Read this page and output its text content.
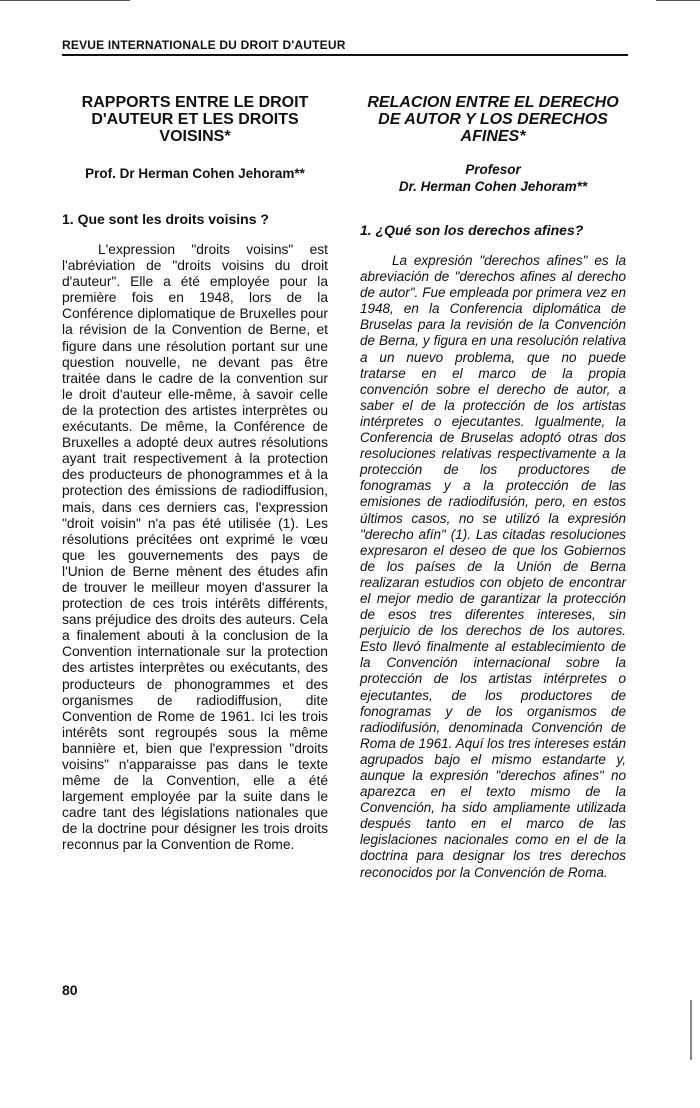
REVUE INTERNATIONALE DU DROIT D'AUTEUR
RAPPORTS ENTRE LE DROIT D'AUTEUR ET LES DROITS VOISINS*

Prof. Dr Herman Cohen Jehoram**

1. Que sont les droits voisins ?

L'expression "droits voisins" est l'abréviation de "droits voisins du droit d'auteur". Elle a été employée pour la première fois en 1948, lors de la Conférence diplomatique de Bruxelles pour la révision de la Convention de Berne, et figure dans une résolution portant sur une question nouvelle, ne devant pas être traitée dans le cadre de la convention sur le droit d'auteur elle-même, à savoir celle de la protection des artistes interprètes ou exécutants. De même, la Conférence de Bruxelles a adopté deux autres résolutions ayant trait respectivement à la protection des producteurs de phonogrammes et à la protection des émissions de radiodiffusion, mais, dans ces derniers cas, l'expression "droit voisin" n'a pas été utilisée (1). Les résolutions précitées ont exprimé le vœu que les gouvernements des pays de l'Union de Berne mènent des études afin de trouver le meilleur moyen d'assurer la protection de ces trois intérêts différents, sans préjudice des droits des auteurs. Cela a finalement abouti à la conclusion de la Convention internationale sur la protection des artistes interprètes ou exécutants, des producteurs de phonogrammes et des organismes de radiodiffusion, dite Convention de Rome de 1961. Ici les trois intérêts sont regroupés sous la même bannière et, bien que l'expression "droits voisins" n'apparaisse pas dans le texte même de la Convention, elle a été largement employée par la suite dans le cadre tant des législations nationales que de la doctrine pour désigner les trois droits reconnus par la Convention de Rome.

RELACION ENTRE EL DERECHO DE AUTOR Y LOS DERECHOS AFINES*

Profesor
Dr. Herman Cohen Jehoram**

1. ¿Qué son los derechos afines?

La expresión "derechos afines" es la abreviación de "derechos afines al derecho de autor". Fue empleada por primera vez en 1948, en la Conferencia diplomática de Bruselas para la revisión de la Convención de Berna, y figura en una resolución relativa a un nuevo problema, que no puede tratarse en el marco de la propia convención sobre el derecho de autor, a saber el de la protección de los artistas intérpretes o ejecutantes. Igualmente, la Conferencia de Bruselas adoptó otras dos resoluciones relativas respectivamente a la protección de los productores de fonogramas y a la protección de las emisiones de radiodifusión, pero, en estos últimos casos, no se utilizó la expresión "derecho afín" (1). Las citadas resoluciones expresaron el deseo de que los Gobiernos de los países de la Unión de Berna realizaran estudios con objeto de encontrar el mejor medio de garantizar la protección de esos tres diferentes intereses, sin perjuicio de los derechos de los autores. Esto llevó finalmente al establecimiento de la Convención internacional sobre la protección de los artistas intérpretes o ejecutantes, de los productores de fonogramas y de los organismos de radiodifusión, denominada Convención de Roma de 1961. Aquí los tres intereses están agrupados bajo el mismo estandarte y, aunque la expresión "derechos afines" no aparezca en el texto mismo de la Convención, ha sido ampliamente utilizada después tanto en el marco de las legislaciones nacionales como en el de la doctrina para designar los tres derechos reconocidos por la Convención de Roma.

80
